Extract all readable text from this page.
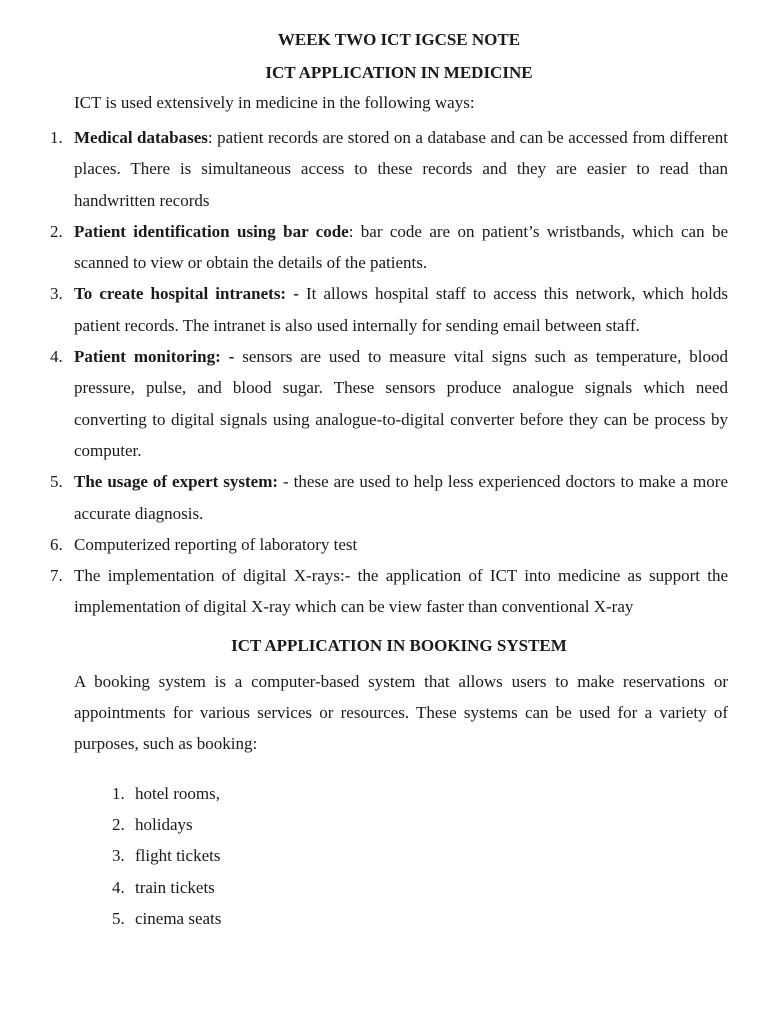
WEEK TWO ICT IGCSE NOTE
ICT APPLICATION IN MEDICINE
ICT is used extensively in medicine in the following ways:
1. Medical databases: patient records are stored on a database and can be accessed from different places. There is simultaneous access to these records and they are easier to read than handwritten records
2. Patient identification using bar code: bar code are on patient’s wristbands, which can be scanned to view or obtain the details of the patients.
3. To create hospital intranets: - It allows hospital staff to access this network, which holds patient records. The intranet is also used internally for sending email between staff.
4. Patient monitoring: - sensors are used to measure vital signs such as temperature, blood pressure, pulse, and blood sugar. These sensors produce analogue signals which need converting to digital signals using analogue-to-digital converter before they can be process by computer.
5. The usage of expert system: - these are used to help less experienced doctors to make a more accurate diagnosis.
6. Computerized reporting of laboratory test
7. The implementation of digital X-rays:- the application of ICT into medicine as support the implementation of digital X-ray which can be view faster than conventional X-ray
ICT APPLICATION IN BOOKING SYSTEM
A booking system is a computer-based system that allows users to make reservations or appointments for various services or resources. These systems can be used for a variety of purposes, such as booking:
1. hotel rooms,
2. holidays
3. flight tickets
4. train tickets
5. cinema seats
